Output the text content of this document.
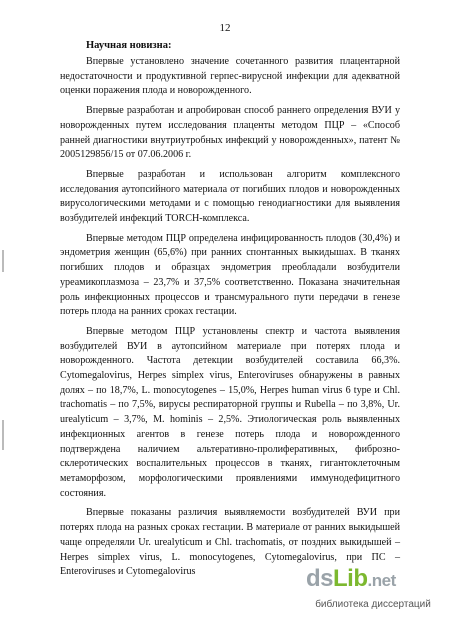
12

Научная новизна:

Впервые установлено значение сочетанного развития плацентарной недостаточности и продуктивной герпес-вирусной инфекции для адекватной оценки поражения плода и новорожденного.

Впервые разработан и апробирован способ раннего определения ВУИ у новорожденных путем исследования плаценты методом ПЦР – «Способ ранней диагностики внутриутробных инфекций у новорожденных», патент № 2005129856/15 от 07.06.2006 г.

Впервые разработан и использован алгоритм комплексного исследования аутопсийного материала от погибших плодов и новорожденных вирусологическими методами и с помощью генодиагностики для выявления возбудителей инфекций TORCH-комплекса.

Впервые методом ПЦР определена инфицированность плодов (30,4%) и эндометрия женщин (65,6%) при ранних спонтанных выкидышах. В тканях погибших плодов и образцах эндометрия преобладали возбудители уреамикоплазмоза – 23,7% и 37,5% соответственно. Показана значительная роль инфекционных процессов и трансмурального пути передачи в генезе потерь плода на ранних сроках гестации.

Впервые методом ПЦР установлены спектр и частота выявления возбудителей ВУИ в аутопсийном материале при потерях плода и новорожденного. Частота детекции возбудителей составила 66,3%. Cytomegalovirus, Herpes simplex virus, Enteroviruses обнаружены в равных долях – по 18,7%, L. monocytogenes – 15,0%, Herpes human virus 6 type и Chl. trachomatis – по 7,5%, вирусы респираторной группы и Rubella – по 3,8%, Ur. urealyticum – 3,7%, M. hominis – 2,5%. Этиологическая роль выявленных инфекционных агентов в генезе потерь плода и новорожденного подтверждена наличием альтеративно-пролиферативных, фиброзно-склеротических воспалительных процессов в тканях, гигантоклеточным метаморфозом, морфологическими проявлениями иммунодефицитного состояния.

Впервые показаны различия выявляемости возбудителей ВУИ при потерях плода на разных сроках гестации. В материале от ранних выкидышей чаще определяли Ur. urealyticum и Chl. trachomatis, от поздних выкидышей – Herpes simplex virus, L. monocytogenes, Cytomegalovirus, при ПС – Enteroviruses и Cytomegalovirus	dsLib.net
библиотека диссертаций
